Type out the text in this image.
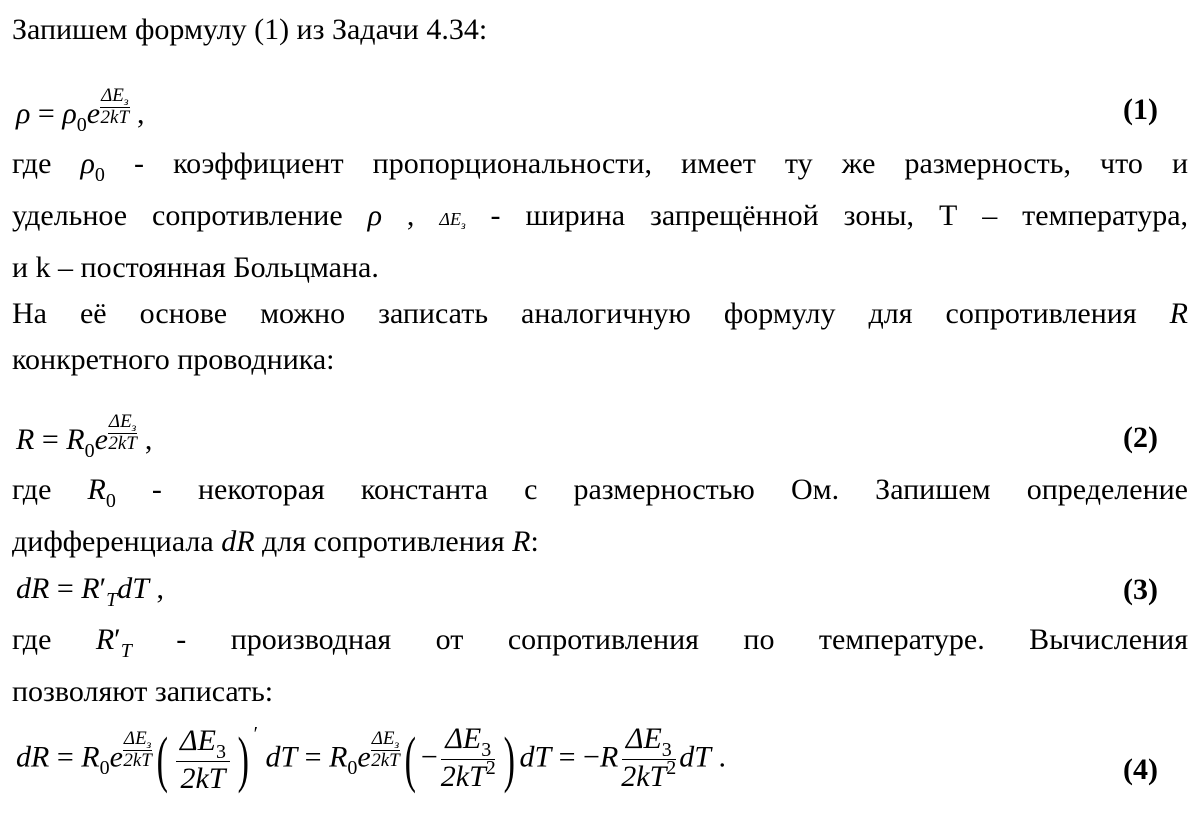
Запишем формулу (1) из Задачи 4.34:
$\rho = \rho_0e$
$\Delta E_з$
2kT ,	(1)
где $\rho_0$ - коэффициент пропорциональности, имеет ту же размерность, что и
удельное сопротивление ρ , $\Delta E_з$ - ширина запрещённой зоны, Т – температура,
и k – постоянная Больцмана.
На её основе можно записать аналогичную формулу для сопротивления R
конкретного проводника:
$R = R_0e$
$\Delta E_з$
2kT ,	(2)
где $R_0$ - некоторая константа с размерностью Ом. Запишем определение
дифференциала dR для сопротивления R:
dR = $R'_TdT$ ,	(3)
где $R'_T$ - производная от сопротивления по температуре. Вычисления
позволяют записать:
dR = $R_0e$
$\Delta E_з$
2kT ( $\frac{\Delta E_3}{2kT}$ ) ′ dT = $R_0e$
$\Delta E_з$
2kT ( − $\frac{\Delta E_3}{2kT^2}$ ) dT = $-R \frac{\Delta E_3}{2kT^2}$ dT .	(4)
